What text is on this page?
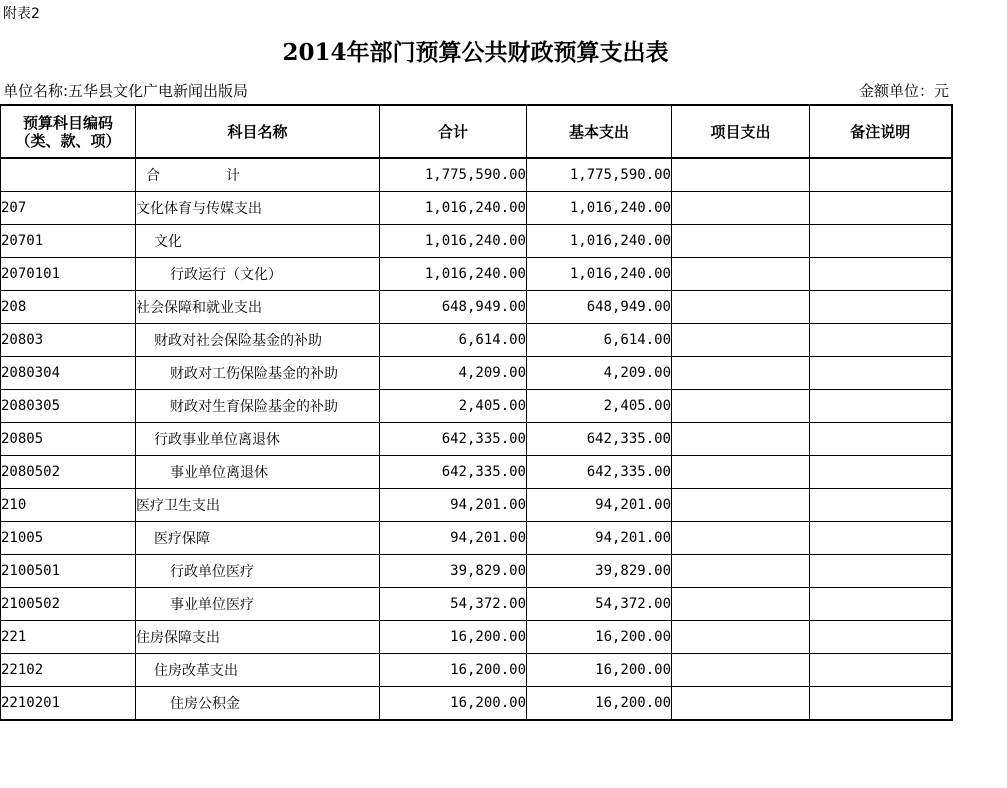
附表2
2014年部门预算公共财政预算支出表
单位名称:五华县文化广电新闻出版局	金额单位：元
预算科目编码
（类、款、项）	科目名称	合计	基本支出	项目支出	备注说明
	合 计	1,775,590.00	1,775,590.00		
207	文化体育与传媒支出	1,016,240.00	1,016,240.00		
20701	文化	1,016,240.00	1,016,240.00		
2070101	行政运行（文化）	1,016,240.00	1,016,240.00		
208	社会保障和就业支出	648,949.00	648,949.00		
20803	财政对社会保险基金的补助	6,614.00	6,614.00		
2080304	财政对工伤保险基金的补助	4,209.00	4,209.00		
2080305	财政对生育保险基金的补助	2,405.00	2,405.00		
20805	行政事业单位离退休	642,335.00	642,335.00		
2080502	事业单位离退休	642,335.00	642,335.00		
210	医疗卫生支出	94,201.00	94,201.00		
21005	医疗保障	94,201.00	94,201.00		
2100501	行政单位医疗	39,829.00	39,829.00		
2100502	事业单位医疗	54,372.00	54,372.00		
221	住房保障支出	16,200.00	16,200.00		
22102	住房改革支出	16,200.00	16,200.00		
2210201	住房公积金	16,200.00	16,200.00		
